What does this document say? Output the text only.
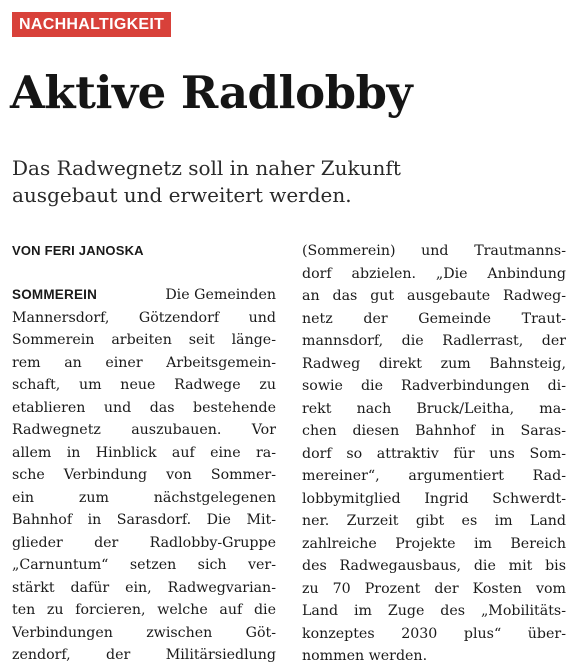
NACHHALTIGKEIT
Aktive Radlobby

Das Radwegnetz soll in naher Zukunft
ausgebaut und erweitert werden.

VON FERI JANOSKA
SOMMEREIN	Die Gemeinden
Mannersdorf, Götzendorf und
Sommerein arbeiten seit länge-
rem an einer Arbeitsgemein-
schaft, um neue Radwege zu
etablieren und das bestehende
Radwegnetz auszubauen. Vor
allem in Hinblick auf eine ra-
sche Verbindung von Sommer-
ein zum nächstgelegenen
Bahnhof in Sarasdorf. Die Mit-
glieder der Radlobby-Gruppe
„Carnuntum“ setzen sich ver-
stärkt dafür ein, Radwegvarian-
ten zu forcieren, welche auf die
Verbindungen zwischen Göt-
zendorf, der Militärsiedlung
(Sommerein) und Trautmanns-
dorf abzielen. „Die Anbindung
an das gut ausgebaute Radweg-
netz der Gemeinde Traut-
mannsdorf, die Radlerrast, der
Radweg direkt zum Bahnsteig,
sowie die Radverbindungen di-
rekt nach Bruck/Leitha, ma-
chen diesen Bahnhof in Saras-
dorf so attraktiv für uns Som-
mereiner“, argumentiert Rad-
lobbymitglied Ingrid Schwerdt-
ner. Zurzeit gibt es im Land
zahlreiche Projekte im Bereich
des Radwegausbaus, die mit bis
zu 70 Prozent der Kosten vom
Land im Zuge des „Mobilitäts-
konzeptes 2030 plus“ über-
nommen werden.
